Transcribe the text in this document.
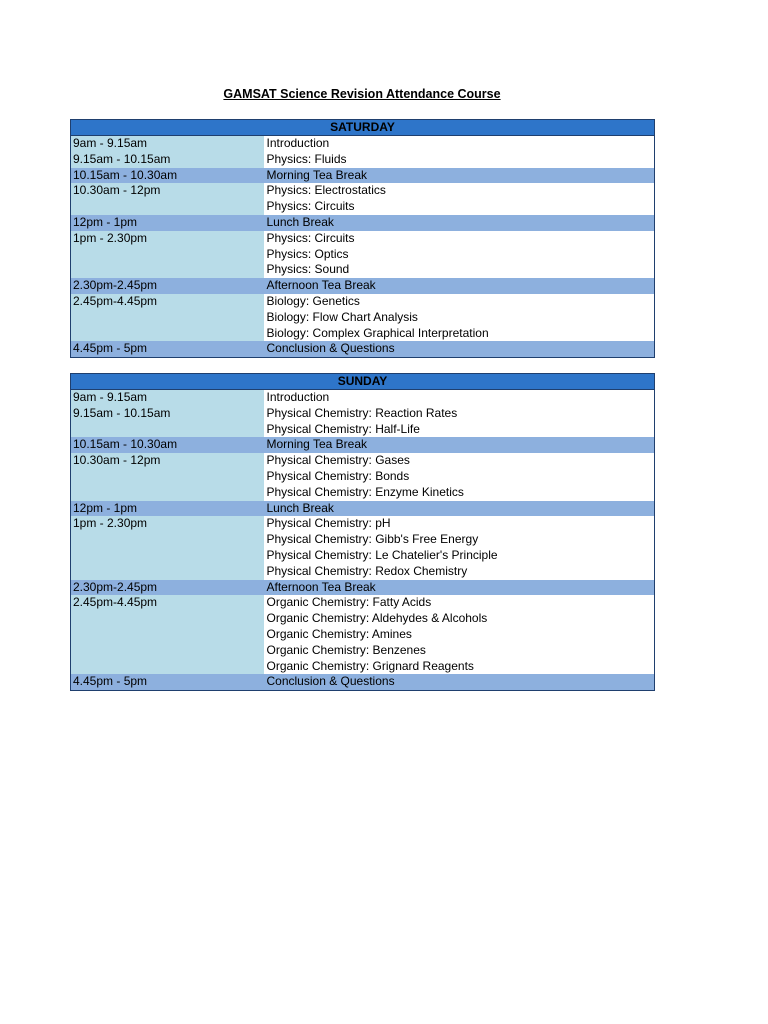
GAMSAT Science Revision Attendance Course
SATURDAY	

9am - 9.15am	Introduction

9.15am - 10.15am	Physics: Fluids

10.15am - 10.30am	Morning Tea Break

10.30am - 12pm	Physics: Electrostatics
Physics: Circuits

12pm - 1pm	Lunch Break

1pm - 2.30pm	Physics: Circuits
Physics: Optics
Physics: Sound

2.30pm-2.45pm	Afternoon Tea Break

2.45pm-4.45pm	Biology: Genetics
Biology: Flow Chart Analysis
Biology: Complex Graphical Interpretation

4.45pm - 5pm	Conclusion & Questions
SUNDAY	

9am - 9.15am	Introduction

9.15am - 10.15am	Physical Chemistry: Reaction Rates
Physical Chemistry: Half-Life

10.15am - 10.30am	Morning Tea Break

10.30am - 12pm	Physical Chemistry: Gases
Physical Chemistry: Bonds
Physical Chemistry: Enzyme Kinetics

12pm - 1pm	Lunch Break

1pm - 2.30pm	Physical Chemistry: pH
Physical Chemistry: Gibb's Free Energy
Physical Chemistry: Le Chatelier's Principle
Physical Chemistry: Redox Chemistry

2.30pm-2.45pm	Afternoon Tea Break

2.45pm-4.45pm	Organic Chemistry: Fatty Acids
Organic Chemistry: Aldehydes & Alcohols
Organic Chemistry: Amines
Organic Chemistry: Benzenes
Organic Chemistry: Grignard Reagents

4.45pm - 5pm	Conclusion & Questions
